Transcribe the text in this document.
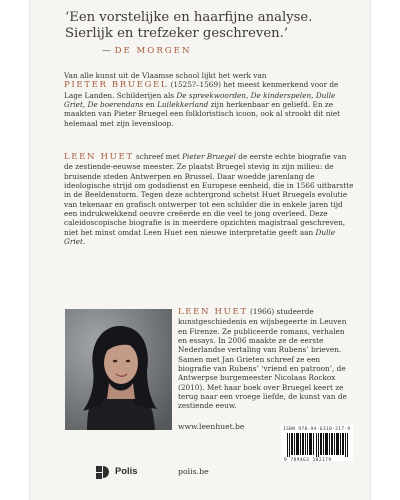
‘Een vorstelijke en haarfijne analyse.
Sierlijk en trefzeker geschreven.’
— DE MORGEN
Van alle kunst uit de Vlaamse school lijkt het werk van
PIETER BRUEGEL (1525?–1569) het meest kenmerkend voor de Lage Landen. Schilderijen als De spreekwoorden, De kinderspelen, Dulle Griet, De boerendans en Luilekkerland zijn herkenbaar en geliefd. En ze maakten van Pieter Bruegel een folkloristisch icoon, ook al strookt dit niet helemaal met zijn levensloop.
LEEN HUET schreef met Pieter Bruegel de eerste echte biografie van de zestiende-eeuwse meester. Ze plaatst Bruegel stevig in zijn milieu: de bruisende steden Antwerpen en Brussel. Daar woedde jarenlang de ideologische strijd om godsdienst en Europese eenheid, die in 1566 uitbarstte in de Beeldenstorm. Tegen deze achtergrond schetst Huet Bruegels evolutie van tekenaar en grafisch ontwerper tot een schilder die in enkele jaren tijd een indrukwekkend oeuvre creëerde en die veel te jong overleed. Deze caleidoscopische biografie is in meerdere opzichten magistraal geschreven, niet het minst omdat Leen Huet een nieuwe interpretatie geeft aan Dulle Griet.
LEEN HUET (1966) studeerde kunstgeschiedenis en wijsbegeerte in Leuven en Firenze. Ze publiceerde romans, verhalen en essays. In 2006 maakte ze de eerste Nederlandse vertaling van Rubens’ brieven. Samen met Jan Grieten schreef ze een biografie van Rubens’ ‘vriend en patroon’, de Antwerpse burgemeester Nicolaas Rockox (2010). Met haar boek over Bruegel keert ze terug naar een vroege liefde, de kunst van de zestiende eeuw.
www.leenhuet.be	ISBN 978-94-6310-217-9
9 789463 102179
Polis	polis.be
